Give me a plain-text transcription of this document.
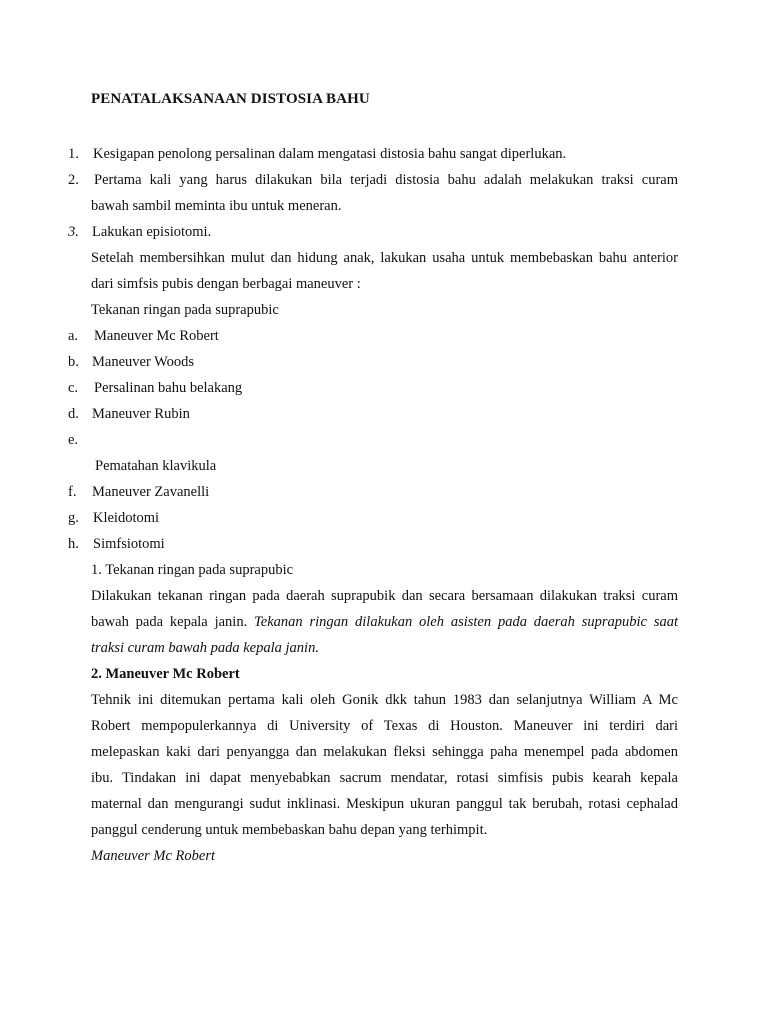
PENATALAKSANAAN DISTOSIA BAHU
1. Kesigapan penolong persalinan dalam mengatasi distosia bahu sangat diperlukan.
2. Pertama kali yang harus dilakukan bila terjadi distosia bahu adalah melakukan traksi curam
bawah sambil meminta ibu untuk meneran.
3. Lakukan episiotomi.
Setelah membersihkan mulut dan hidung anak, lakukan usaha untuk membebaskan bahu anterior
dari simfsis pubis dengan berbagai maneuver :
Tekanan ringan pada suprapubic
a. Maneuver Mc Robert
b. Maneuver Woods
c. Persalinan bahu belakang
d. Maneuver Rubin
e.
Pematahan klavikula
f. Maneuver Zavanelli
g. Kleidotomi
h. Simfsiotomi
1. Tekanan ringan pada suprapubic
Dilakukan tekanan ringan pada daerah suprapubik dan secara bersamaan dilakukan traksi curam
bawah pada kepala janin. Tekanan ringan dilakukan oleh asisten pada daerah suprapubic saat
traksi curam bawah pada kepala janin.
2. Maneuver Mc Robert
Tehnik ini ditemukan pertama kali oleh Gonik dkk tahun 1983 dan selanjutnya William A Mc
Robert mempopulerkannya di University of Texas di Houston. Maneuver ini terdiri dari
melepaskan kaki dari penyangga dan melakukan fleksi sehingga paha menempel pada abdomen
ibu. Tindakan ini dapat menyebabkan sacrum mendatar, rotasi simfisis pubis kearah kepala
maternal dan mengurangi sudut inklinasi. Meskipun ukuran panggul tak berubah, rotasi cephalad
panggul cenderung untuk membebaskan bahu depan yang terhimpit.
Maneuver Mc Robert
